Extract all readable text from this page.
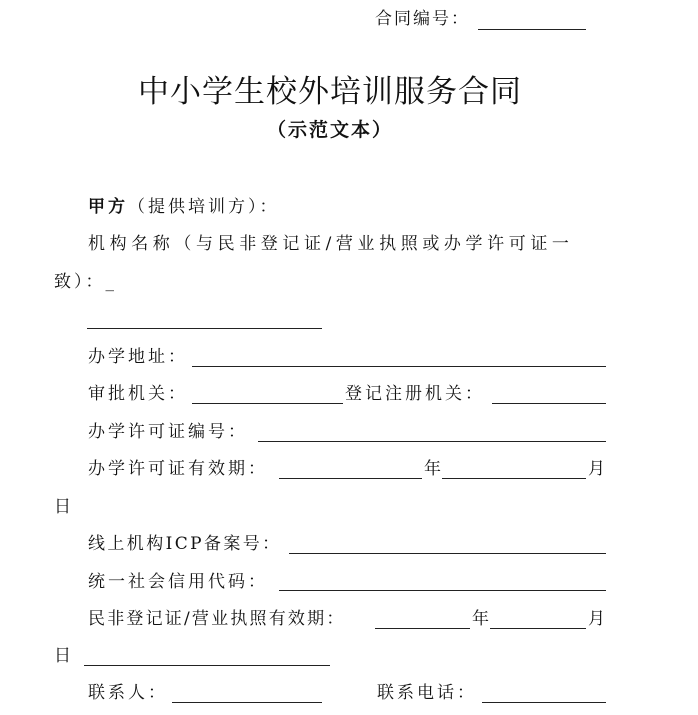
合同编号：
中小学生校外培训服务合同
（示范文本）
甲方（提供培训方）：
机构名称（与民非登记证/营业执照或办学许可证一
致）：_
办学地址：
审批机关：	登记注册机关：
办学许可证编号：
办学许可证有效期：	年	月
日
线上机构ICP备案号：
统一社会信用代码：
民非登记证/营业执照有效期：	年	月
日
联系人：	联系电话：
